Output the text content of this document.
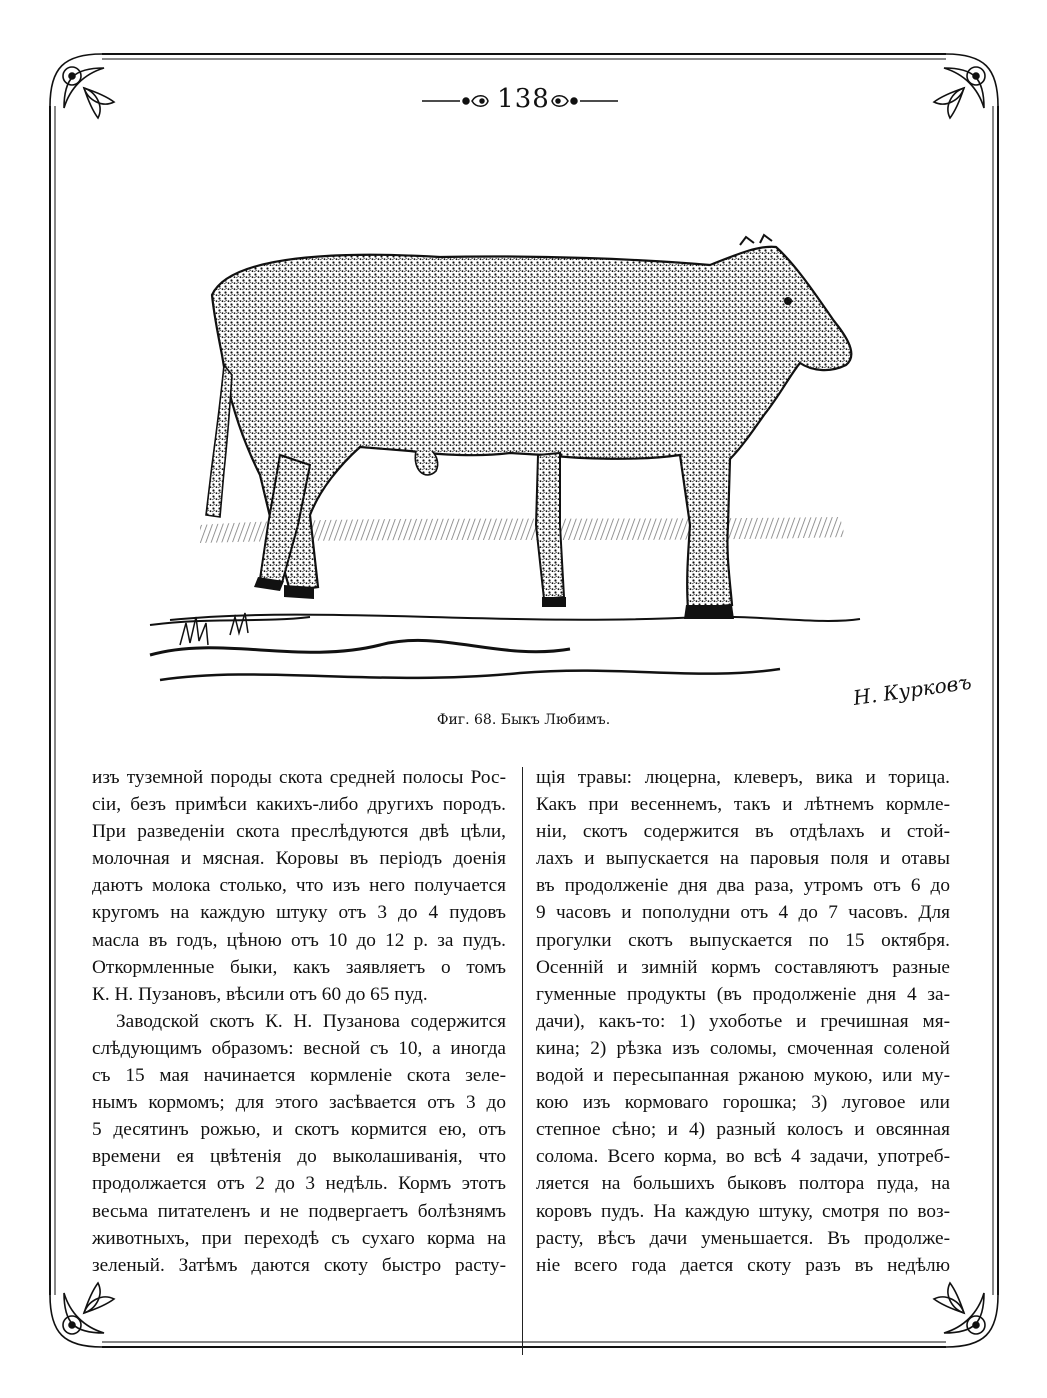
138
Н. Курковъ
Фиг. 68. Быкъ Любимъ.
изъ туземной породы скота средней полосы Рос-
сіи, безъ примѣси какихъ-либо другихъ породъ.
При разведеніи скота преслѣдуются двѣ цѣли,
молочная и мясная. Коровы въ періодъ доенія
даютъ молока столько, что изъ него получается
кругомъ на каждую штуку отъ 3 до 4 пудовъ
масла въ годъ, цѣною отъ 10 до 12 р. за пудъ.
Откормленные быки, какъ заявляетъ о томъ
К. Н. Пузановъ, вѣсили отъ 60 до 65 пуд.
Заводской скотъ К. Н. Пузанова содержится
слѣдующимъ образомъ: весной съ 10, а иногда
съ 15 мая начинается кормленіе скота зеле-
нымъ кормомъ; для этого засѣвается отъ 3 до
5 десятинъ рожью, и скотъ кормится ею, отъ
времени ея цвѣтенія до выколашиванія, что
продолжается отъ 2 до 3 недѣль. Кормъ этотъ
весьма питателенъ и не подвергаетъ болѣзнямъ
животныхъ, при переходѣ съ сухаго корма на
зеленый. Затѣмъ даются скоту быстро расту-
щія травы: люцерна, клеверъ, вика и торица.
Какъ при весеннемъ, такъ и лѣтнемъ кормле-
ніи, скотъ содержится въ отдѣлахъ и стой-
лахъ и выпускается на паровыя поля и отавы
въ продолженіе дня два раза, утромъ отъ 6 до
9 часовъ и пополудни отъ 4 до 7 часовъ. Для
прогулки скотъ выпускается по 15 октября.
Осенній и зимній кормъ составляютъ разные
гуменные продукты (въ продолженіе дня 4 за-
дачи), какъ-то: 1) ухоботье и гречишная мя-
кина; 2) рѣзка изъ соломы, смоченная соленой
водой и пересыпанная ржаною мукою, или му-
кою изъ кормоваго горошка; 3) луговое или
степное сѣно; и 4) разный колосъ и овсянная
солома. Всего корма, во всѣ 4 задачи, употреб-
ляется на большихъ быковъ полтора пуда, на
коровъ пудъ. На каждую штуку, смотря по воз-
расту, вѣсъ дачи уменьшается. Въ продолже-
ніе всего года дается скоту разъ въ недѣлю
